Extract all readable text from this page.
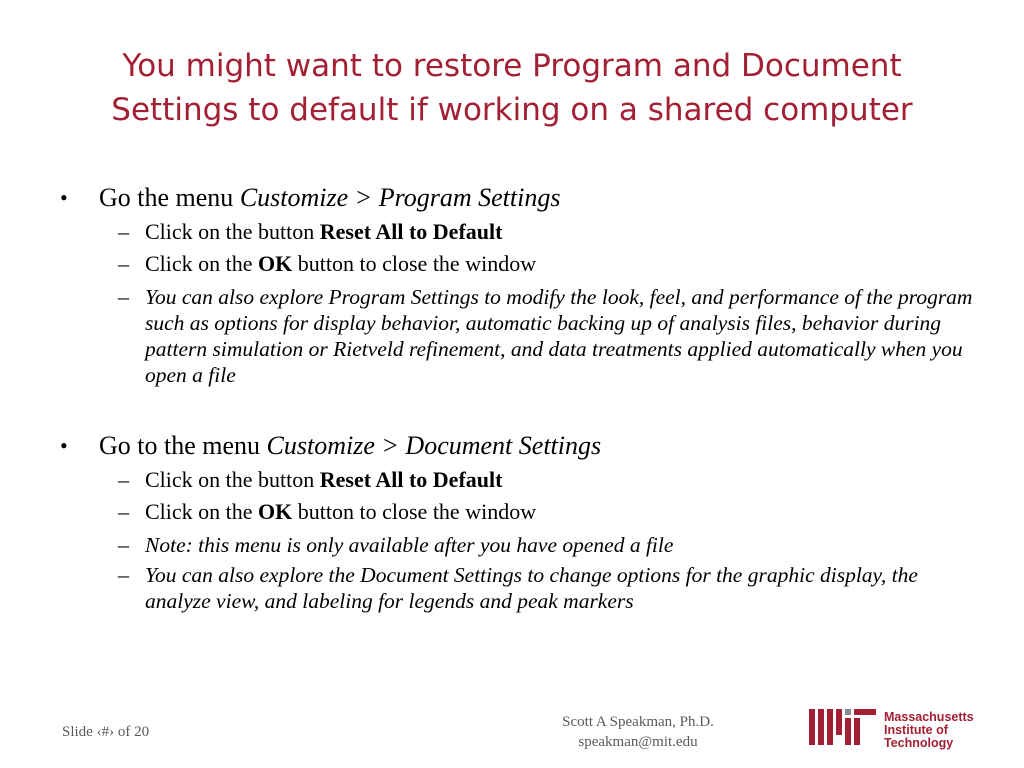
You might want to restore Program and Document
Settings to default if working on a shared computer
• Go the menu Customize > Program Settings
– Click on the button Reset All to Default
– Click on the OK button to close the window
– You can also explore Program Settings to modify the look, feel, and performance of the program such as options for display behavior, automatic backing up of analysis files, behavior during pattern simulation or Rietveld refinement, and data treatments applied automatically when you open a file
• Go to the menu Customize > Document Settings
– Click on the button Reset All to Default
– Click on the OK button to close the window
– Note: this menu is only available after you have opened a file
– You can also explore the Document Settings to change options for the graphic display, the analyze view, and labeling for legends and peak markers
Slide ‹#› of 20
Scott A Speakman, Ph.D.
speakman@mit.edu
Massachusetts
Institute of
Technology
